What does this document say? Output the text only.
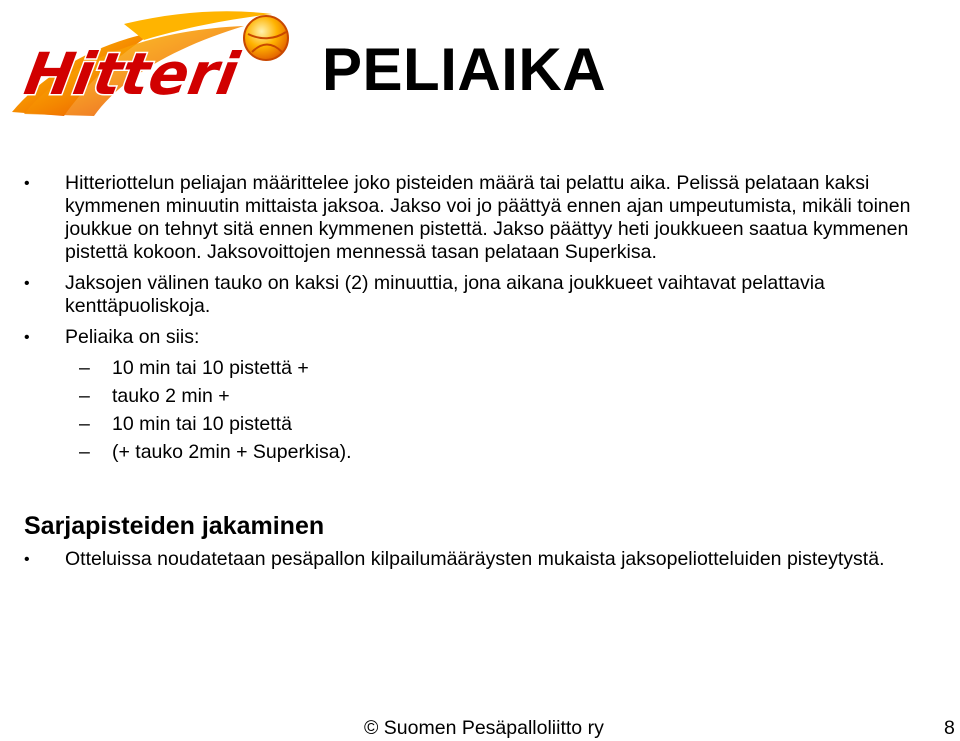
Hitteri PELIAIKA
• Hitteriottelun peliajan määrittelee joko pisteiden määrä tai pelattu aika. Pelissä pelataan kaksi kymmenen minuutin mittaista jaksoa. Jakso voi jo päättyä ennen ajan umpeutumista, mikäli toinen joukkue on tehnyt sitä ennen kymmenen pistettä. Jakso päättyy heti joukkueen saatua kymmenen pistettä kokoon. Jaksovoittojen mennessä tasan pelataan Superkisa.
• Jaksojen välinen tauko on kaksi (2) minuuttia, jona aikana joukkueet vaihtavat pelattavia kenttäpuoliskoja.
• Peliaika on siis:
– 10 min tai 10 pistettä +
– tauko 2 min +
– 10 min tai 10 pistettä
– (+ tauko 2min + Superkisa).
Sarjapisteiden jakaminen
• Otteluissa noudatetaan pesäpallon kilpailumääräysten mukaista jaksopeliotteluiden pisteytystä.
© Suomen Pesäpalloliitto ry	8
